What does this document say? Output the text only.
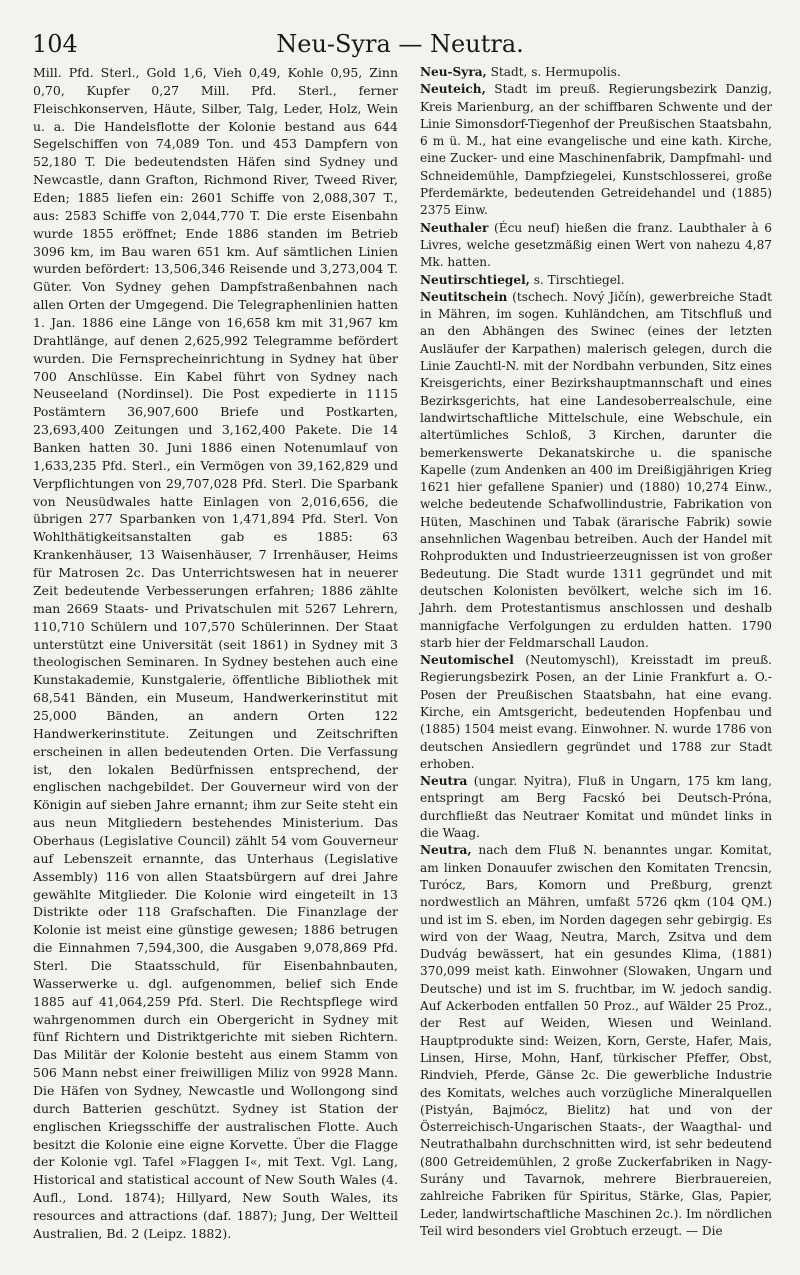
104	Neu-Syra — Neutra.

Mill. Pfd. Sterl., Gold 1,6, Vieh 0,49, Kohle 0,95, Zinn 0,70, Kupfer 0,27 Mill. Pfd. Sterl., ferner Fleischkonserven, Häute, Silber, Talg, Leder, Holz, Wein u. a. Die Handelsflotte der Kolonie bestand aus 644 Segelschiffen von 74,089 Ton. und 453 Dampfern von 52,180 T. Die bedeutendsten Häfen sind Sydney und Newcastle, dann Grafton, Richmond River, Tweed River, Eden; 1885 liefen ein: 2601 Schiffe von 2,088,307 T., aus: 2583 Schiffe von 2,044,770 T. Die erste Eisenbahn wurde 1855 eröffnet; Ende 1886 standen im Betrieb 3096 km, im Bau waren 651 km. Auf sämtlichen Linien wurden befördert: 13,506,346 Reisende und 3,273,004 T. Güter. Von Sydney gehen Dampfstraßenbahnen nach allen Orten der Umgegend. Die Telegraphenlinien hatten 1. Jan. 1886 eine Länge von 16,658 km mit 31,967 km Drahtlänge, auf denen 2,625,992 Telegramme befördert wurden. Die Fernsprecheinrichtung in Sydney hat über 700 Anschlüsse. Ein Kabel führt von Sydney nach Neuseeland (Nordinsel). Die Post expedierte in 1115 Postämtern 36,907,600 Briefe und Postkarten, 23,693,400 Zeitungen und 3,162,400 Pakete. Die 14 Banken hatten 30. Juni 1886 einen Notenumlauf von 1,633,235 Pfd. Sterl., ein Vermögen von 39,162,829 und Verpflichtungen von 29,707,028 Pfd. Sterl. Die Sparbank von Neusüdwales hatte Einlagen von 2,016,656, die übrigen 277 Sparbanken von 1,471,894 Pfd. Sterl. Von Wohlthätigkeitsanstalten gab es 1885: 63 Krankenhäuser, 13 Waisenhäuser, 7 Irrenhäuser, Heims für Matrosen 2c. Das Unterrichtswesen hat in neuerer Zeit bedeutende Verbesserungen erfahren; 1886 zählte man 2669 Staats- und Privatschulen mit 5267 Lehrern, 110,710 Schülern und 107,570 Schülerinnen. Der Staat unterstützt eine Universität (seit 1861) in Sydney mit 3 theologischen Seminaren. In Sydney bestehen auch eine Kunstakademie, Kunstgalerie, öffentliche Bibliothek mit 68,541 Bänden, ein Museum, Handwerkerinstitut mit 25,000 Bänden, an andern Orten 122 Handwerkerinstitute. Zeitungen und Zeitschriften erscheinen in allen bedeutenden Orten. Die Verfassung ist, den lokalen Bedürfnissen entsprechend, der englischen nachgebildet. Der Gouverneur wird von der Königin auf sieben Jahre ernannt; ihm zur Seite steht ein aus neun Mitgliedern bestehendes Ministerium. Das Oberhaus (Legislative Council) zählt 54 vom Gouverneur auf Lebenszeit ernannte, das Unterhaus (Legislative Assembly) 116 von allen Staatsbürgern auf drei Jahre gewählte Mitglieder. Die Kolonie wird eingeteilt in 13 Distrikte oder 118 Grafschaften. Die Finanzlage der Kolonie ist meist eine günstige gewesen; 1886 betrugen die Einnahmen 7,594,300, die Ausgaben 9,078,869 Pfd. Sterl. Die Staatsschuld, für Eisenbahnbauten, Wasserwerke u. dgl. aufgenommen, belief sich Ende 1885 auf 41,064,259 Pfd. Sterl. Die Rechtspflege wird wahrgenommen durch ein Obergericht in Sydney mit fünf Richtern und Distriktgerichte mit sieben Richtern. Das Militär der Kolonie besteht aus einem Stamm von 506 Mann nebst einer freiwilligen Miliz von 9928 Mann. Die Häfen von Sydney, Newcastle und Wollongong sind durch Batterien geschützt. Sydney ist Station der englischen Kriegsschiffe der australischen Flotte. Auch besitzt die Kolonie eine eigne Korvette. Über die Flagge der Kolonie vgl. Tafel »Flaggen I«, mit Text. Vgl. Lang, Historical and statistical account of New South Wales (4. Aufl., Lond. 1874); Hillyard, New South Wales, its resources and attractions (daf. 1887); Jung, Der Weltteil Australien, Bd. 2 (Leipz. 1882).

Neu-Syra, Stadt, s. Hermupolis.

Neuteich, Stadt im preuß. Regierungsbezirk Danzig, Kreis Marienburg, an der schiffbaren Schwente und der Linie Simonsdorf-Tiegenhof der Preußischen Staatsbahn, 6 m ü. M., hat eine evangelische und eine kath. Kirche, eine Zucker- und eine Maschinenfabrik, Dampfmahl- und Schneidemühle, Dampfziegelei, Kunstschlosserei, große Pferdemärkte, bedeutenden Getreidehandel und (1885) 2375 Einw.

Neuthaler (Écu neuf) hießen die franz. Laubthaler à 6 Livres, welche gesetzmäßig einen Wert von nahezu 4,87 Mk. hatten.

Neutirschtiegel, s. Tirschtiegel.

Neutitschein (tschech. Nový Jičín), gewerbreiche Stadt in Mähren, im sogen. Kuhländchen, am Titschfluß und an den Abhängen des Swinec (eines der letzten Ausläufer der Karpathen) malerisch gelegen, durch die Linie Zauchtl-N. mit der Nordbahn verbunden, Sitz eines Kreisgerichts, einer Bezirkshauptmannschaft und eines Bezirksgerichts, hat eine Landesoberrealschule, eine landwirtschaftliche Mittelschule, eine Webschule, ein altertümliches Schloß, 3 Kirchen, darunter die bemerkenswerte Dekanatskirche u. die spanische Kapelle (zum Andenken an 400 im Dreißigjährigen Krieg 1621 hier gefallene Spanier) und (1880) 10,274 Einw., welche bedeutende Schafwollindustrie, Fabrikation von Hüten, Maschinen und Tabak (ärarische Fabrik) sowie ansehnlichen Wagenbau betreiben. Auch der Handel mit Rohprodukten und Industrieerzeugnissen ist von großer Bedeutung. Die Stadt wurde 1311 gegründet und mit deutschen Kolonisten bevölkert, welche sich im 16. Jahrh. dem Protestantismus anschlossen und deshalb mannigfache Verfolgungen zu erdulden hatten. 1790 starb hier der Feldmarschall Laudon.

Neutomischel (Neutomyschl), Kreisstadt im preuß. Regierungsbezirk Posen, an der Linie Frankfurt a. O.-Posen der Preußischen Staatsbahn, hat eine evang. Kirche, ein Amtsgericht, bedeutenden Hopfenbau und (1885) 1504 meist evang. Einwohner. N. wurde 1786 von deutschen Ansiedlern gegründet und 1788 zur Stadt erhoben.

Neutra (ungar. Nyitra), Fluß in Ungarn, 175 km lang, entspringt am Berg Facskó bei Deutsch-Próna, durchfließt das Neutraer Komitat und mündet links in die Waag.

Neutra, nach dem Fluß N. benanntes ungar. Komitat, am linken Donauufer zwischen den Komitaten Trencsin, Turócz, Bars, Komorn und Preßburg, grenzt nordwestlich an Mähren, umfaßt 5726 qkm (104 QM.) und ist im S. eben, im Norden dagegen sehr gebirgig. Es wird von der Waag, Neutra, March, Zsitva und dem Dudvág bewässert, hat ein gesundes Klima, (1881) 370,099 meist kath. Einwohner (Slowaken, Ungarn und Deutsche) und ist im S. fruchtbar, im W. jedoch sandig. Auf Ackerboden entfallen 50 Proz., auf Wälder 25 Proz., der Rest auf Weiden, Wiesen und Weinland. Hauptprodukte sind: Weizen, Korn, Gerste, Hafer, Mais, Linsen, Hirse, Mohn, Hanf, türkischer Pfeffer, Obst, Rindvieh, Pferde, Gänse 2c. Die gewerbliche Industrie des Komitats, welches auch vorzügliche Mineralquellen (Pistyán, Bajmócz, Bielitz) hat und von der Österreichisch-Ungarischen Staats-, der Waagthal- und Neutrathalbahn durchschnitten wird, ist sehr bedeutend (800 Getreidemühlen, 2 große Zuckerfabriken in Nagy-Surány und Tavarnok, mehrere Bierbrauereien, zahlreiche Fabriken für Spiritus, Stärke, Glas, Papier, Leder, landwirtschaftliche Maschinen 2c.). Im nördlichen Teil wird besonders viel Grobtuch erzeugt. — Die
